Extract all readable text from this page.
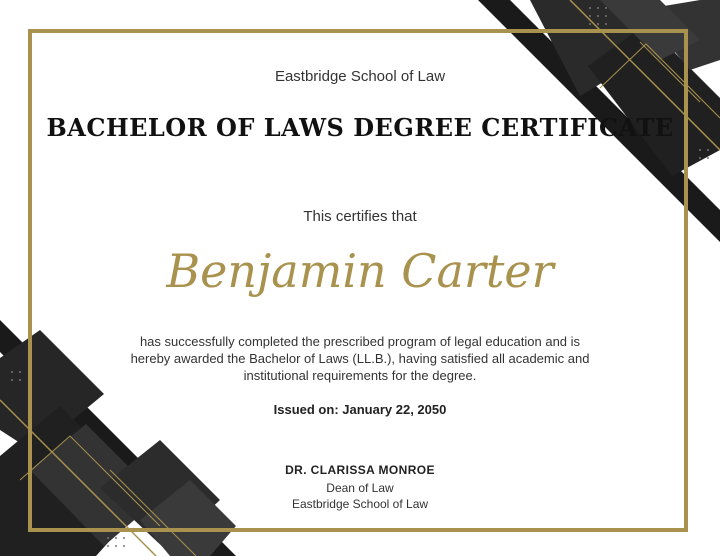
Eastbridge School of Law
BACHELOR OF LAWS DEGREE CERTIFICATE
This certifies that
Benjamin Carter
has successfully completed the prescribed program of legal education and is
hereby awarded the Bachelor of Laws (LL.B.), having satisfied all academic and
institutional requirements for the degree.
Issued on: January 22, 2050
DR. CLARISSA MONROE
Dean of Law
Eastbridge School of Law
